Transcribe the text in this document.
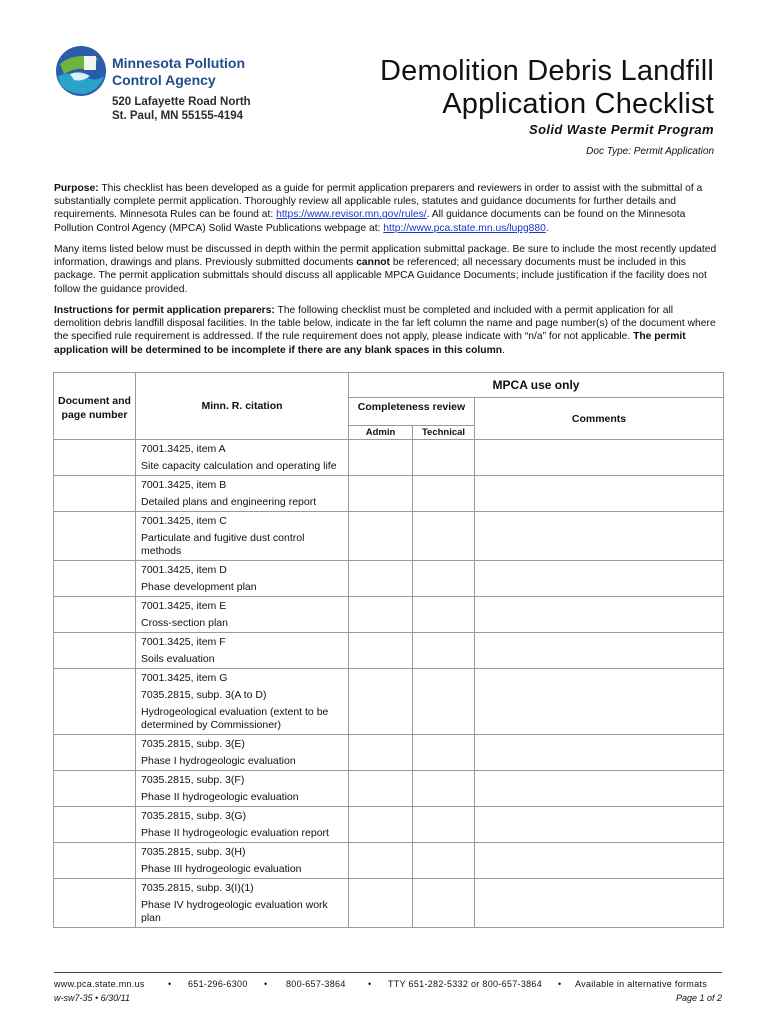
Minnesota Pollution
Control Agency
520 Lafayette Road North
St. Paul, MN 55155-4194
Demolition Debris Landfill
Application Checklist
Solid Waste Permit Program
Doc Type: Permit Application
Purpose: This checklist has been developed as a guide for permit application preparers and reviewers in order to assist with the submittal of a substantially complete permit application. Thoroughly review all applicable rules, statutes and guidance documents for further details and requirements. Minnesota Rules can be found at: https://www.revisor.mn.gov/rules/. All guidance documents can be found on the Minnesota Pollution Control Agency (MPCA) Solid Waste Publications webpage at: http://www.pca.state.mn.us/lupg880.
Many items listed below must be discussed in depth within the permit application submittal package. Be sure to include the most recently updated information, drawings and plans. Previously submitted documents cannot be referenced; all necessary documents must be included in this package. The permit application submittals should discuss all applicable MPCA Guidance Documents; include justification if the facility does not follow the guidance provided.
Instructions for permit application preparers: The following checklist must be completed and included with a permit application for all demolition debris landfill disposal facilities. In the table below, indicate in the far left column the name and page number(s) of the document where the specified rule requirement is addressed. If the rule requirement does not apply, please indicate with “n/a” for not applicable. The permit application will be determined to be incomplete if there are any blank spaces in this column.
Document and page number	Minn. R. citation	MPCA use only		
		Completeness review		Comments
		Admin	Technical	

	7001.3425, item A
Site capacity calculation and operating life			

	7001.3425, item B
Detailed plans and engineering report			

	7001.3425, item C
Particulate and fugitive dust control methods			

	7001.3425, item D
Phase development plan			

	7001.3425, item E
Cross-section plan			

	7001.3425, item F
Soils evaluation			

	7001.3425, item G
7035.2815, subp. 3(A to D)
Hydrogeological evaluation (extent to be determined by Commissioner)			

	7035.2815, subp. 3(E)
Phase I hydrogeologic evaluation			

	7035.2815, subp. 3(F)
Phase II hydrogeologic evaluation			

	7035.2815, subp. 3(G)
Phase II hydrogeologic evaluation report			

	7035.2815, subp. 3(H)
Phase III hydrogeologic evaluation			

	7035.2815, subp. 3(I)(1)
Phase IV hydrogeologic evaluation work plan			

www.pca.state.mn.us	• 651-296-6300 • 800-657-3864 • TTY 651-282-5332 or 800-657-3864 • Available in alternative formats
w-sw7-35 • 6/30/11	Page 1 of 2
